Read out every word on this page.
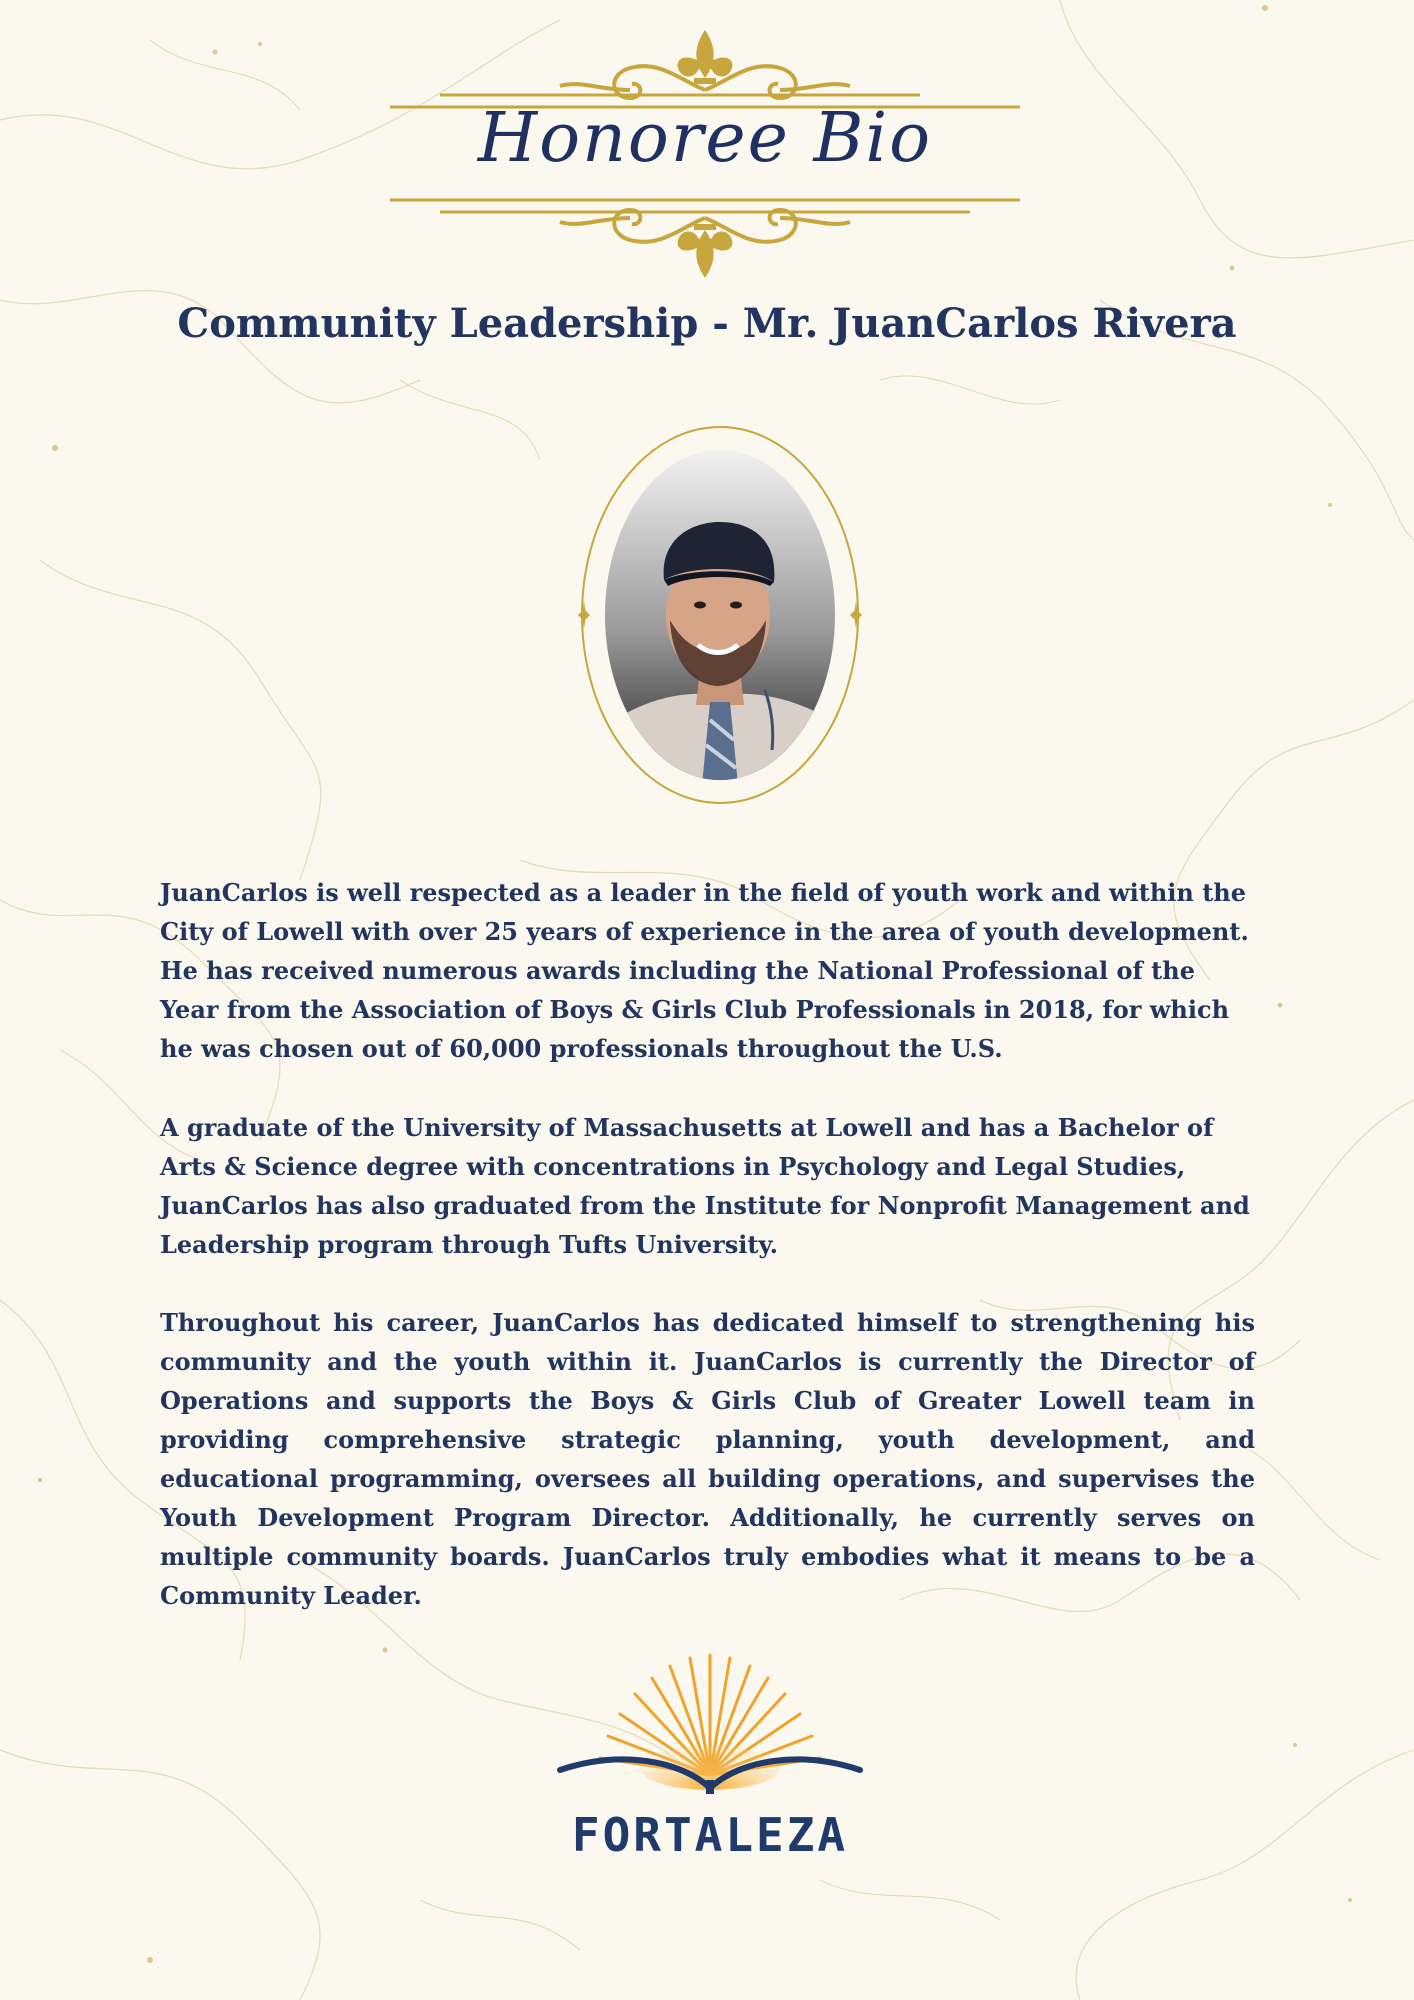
Honoree Bio
Community Leadership - Mr. JuanCarlos Rivera
JuanCarlos is well respected as a leader in the field of youth work and within the City of Lowell with over 25 years of experience in the area of youth development. He has received numerous awards including the National Professional of the Year from the Association of Boys & Girls Club Professionals in 2018, for which he was chosen out of 60,000 professionals throughout the U.S.
A graduate of the University of Massachusetts at Lowell and has a Bachelor of Arts & Science degree with concentrations in Psychology and Legal Studies, JuanCarlos has also graduated from the Institute for Nonprofit Management and Leadership program through Tufts University.
Throughout his career, JuanCarlos has dedicated himself to strengthening his community and the youth within it. JuanCarlos is currently the Director of Operations and supports the Boys & Girls Club of Greater Lowell team in providing comprehensive strategic planning, youth development, and educational programming, oversees all building operations, and supervises the Youth Development Program Director. Additionally, he currently serves on multiple community boards. JuanCarlos truly embodies what it means to be a Community Leader.
FORTALEZA
